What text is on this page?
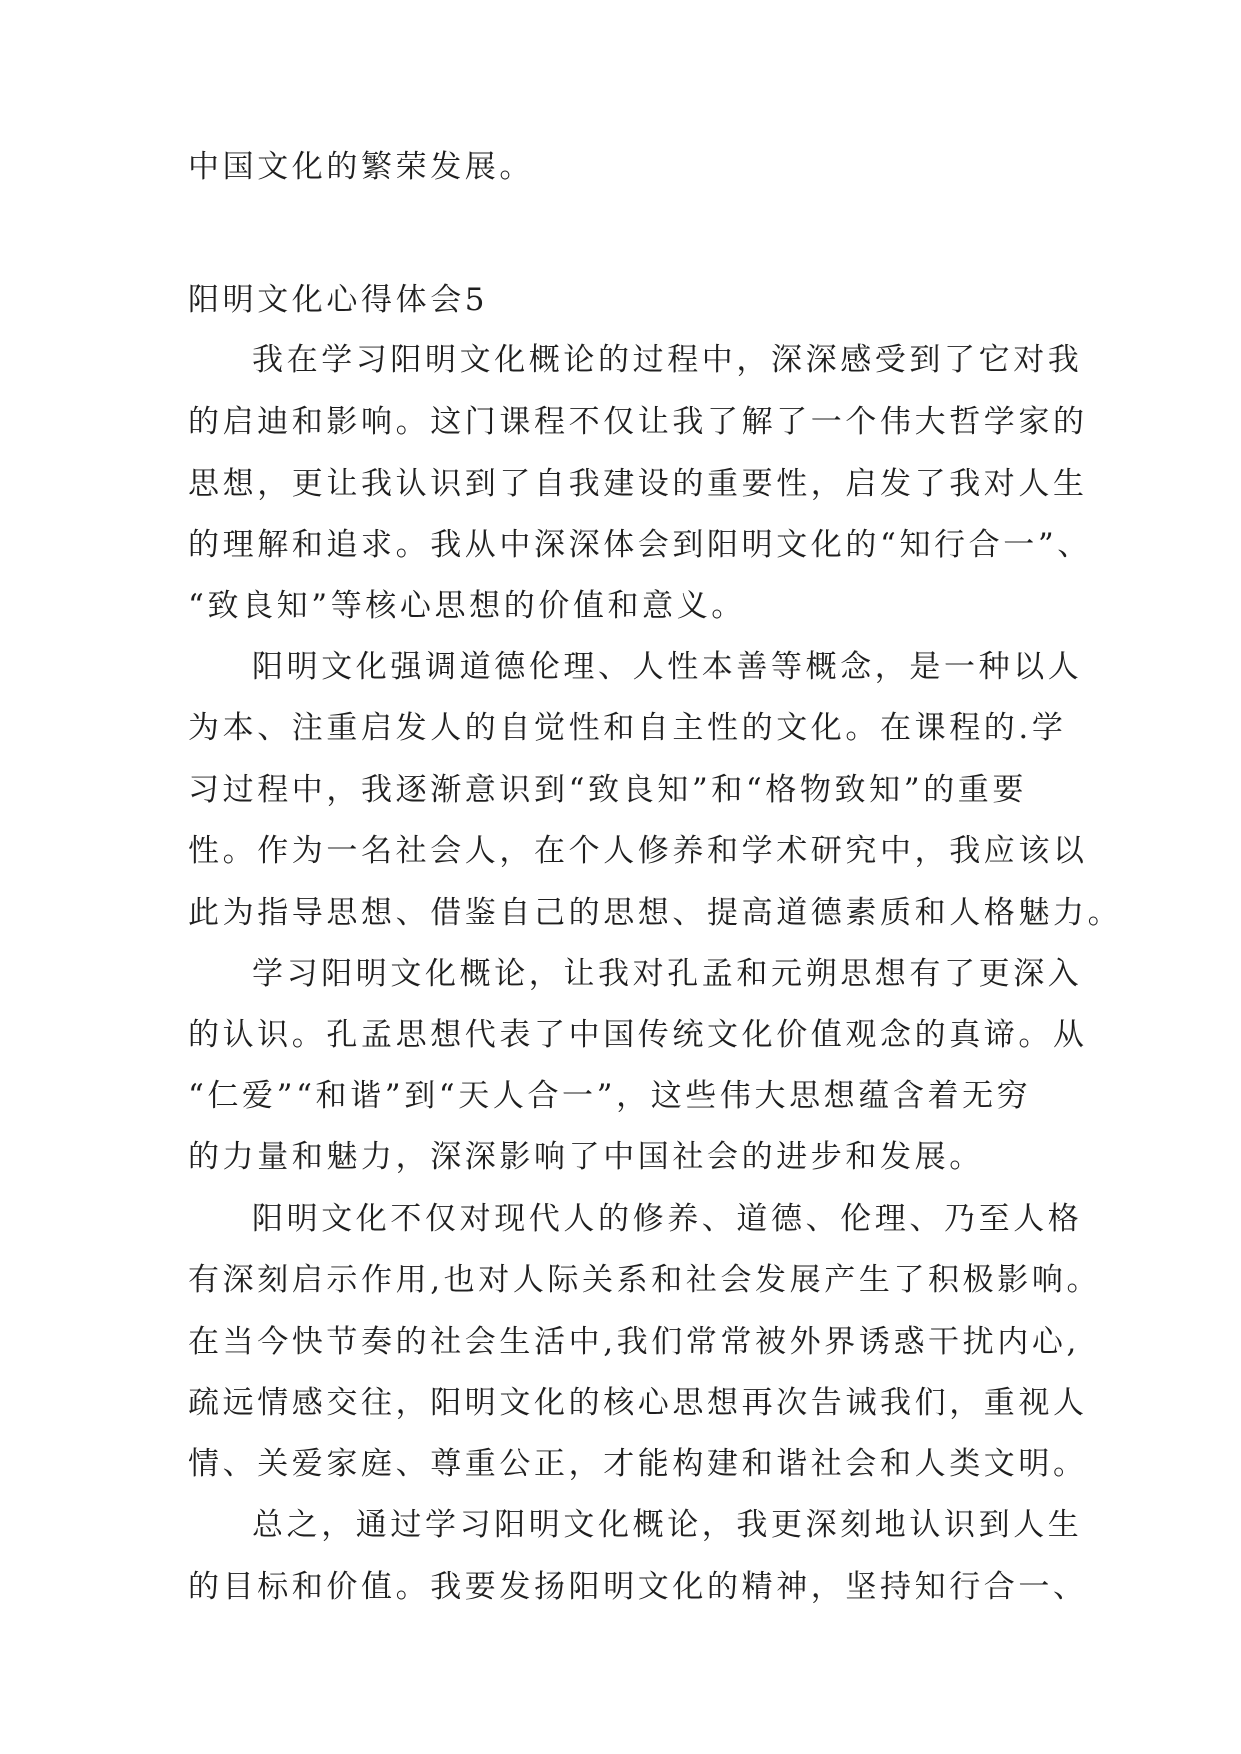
中国文化的繁荣发展。
阳明文化心得体会5
我在学习阳明文化概论的过程中，深深感受到了它对我
的启迪和影响。这门课程不仅让我了解了一个伟大哲学家的
思想，更让我认识到了自我建设的重要性，启发了我对人生
的理解和追求。我从中深深体会到阳明文化的“知行合一”、
“致良知”等核心思想的价值和意义。
阳明文化强调道德伦理、人性本善等概念，是一种以人
为本、注重启发人的自觉性和自主性的文化。在课程的.学
习过程中，我逐渐意识到“致良知”和“格物致知”的重要
性。作为一名社会人，在个人修养和学术研究中，我应该以
此为指导思想、借鉴自己的思想、提高道德素质和人格魅力。
学习阳明文化概论，让我对孔孟和元朔思想有了更深入
的认识。孔孟思想代表了中国传统文化价值观念的真谛。从
“仁爱”“和谐”到“天人合一”，这些伟大思想蕴含着无穷
的力量和魅力，深深影响了中国社会的进步和发展。
阳明文化不仅对现代人的修养、道德、伦理、乃至人格
有深刻启示作用,也对人际关系和社会发展产生了积极影响。
在当今快节奏的社会生活中,我们常常被外界诱惑干扰内心,
疏远情感交往，阳明文化的核心思想再次告诫我们，重视人
情、关爱家庭、尊重公正，才能构建和谐社会和人类文明。
总之，通过学习阳明文化概论，我更深刻地认识到人生
的目标和价值。我要发扬阳明文化的精神，坚持知行合一、
